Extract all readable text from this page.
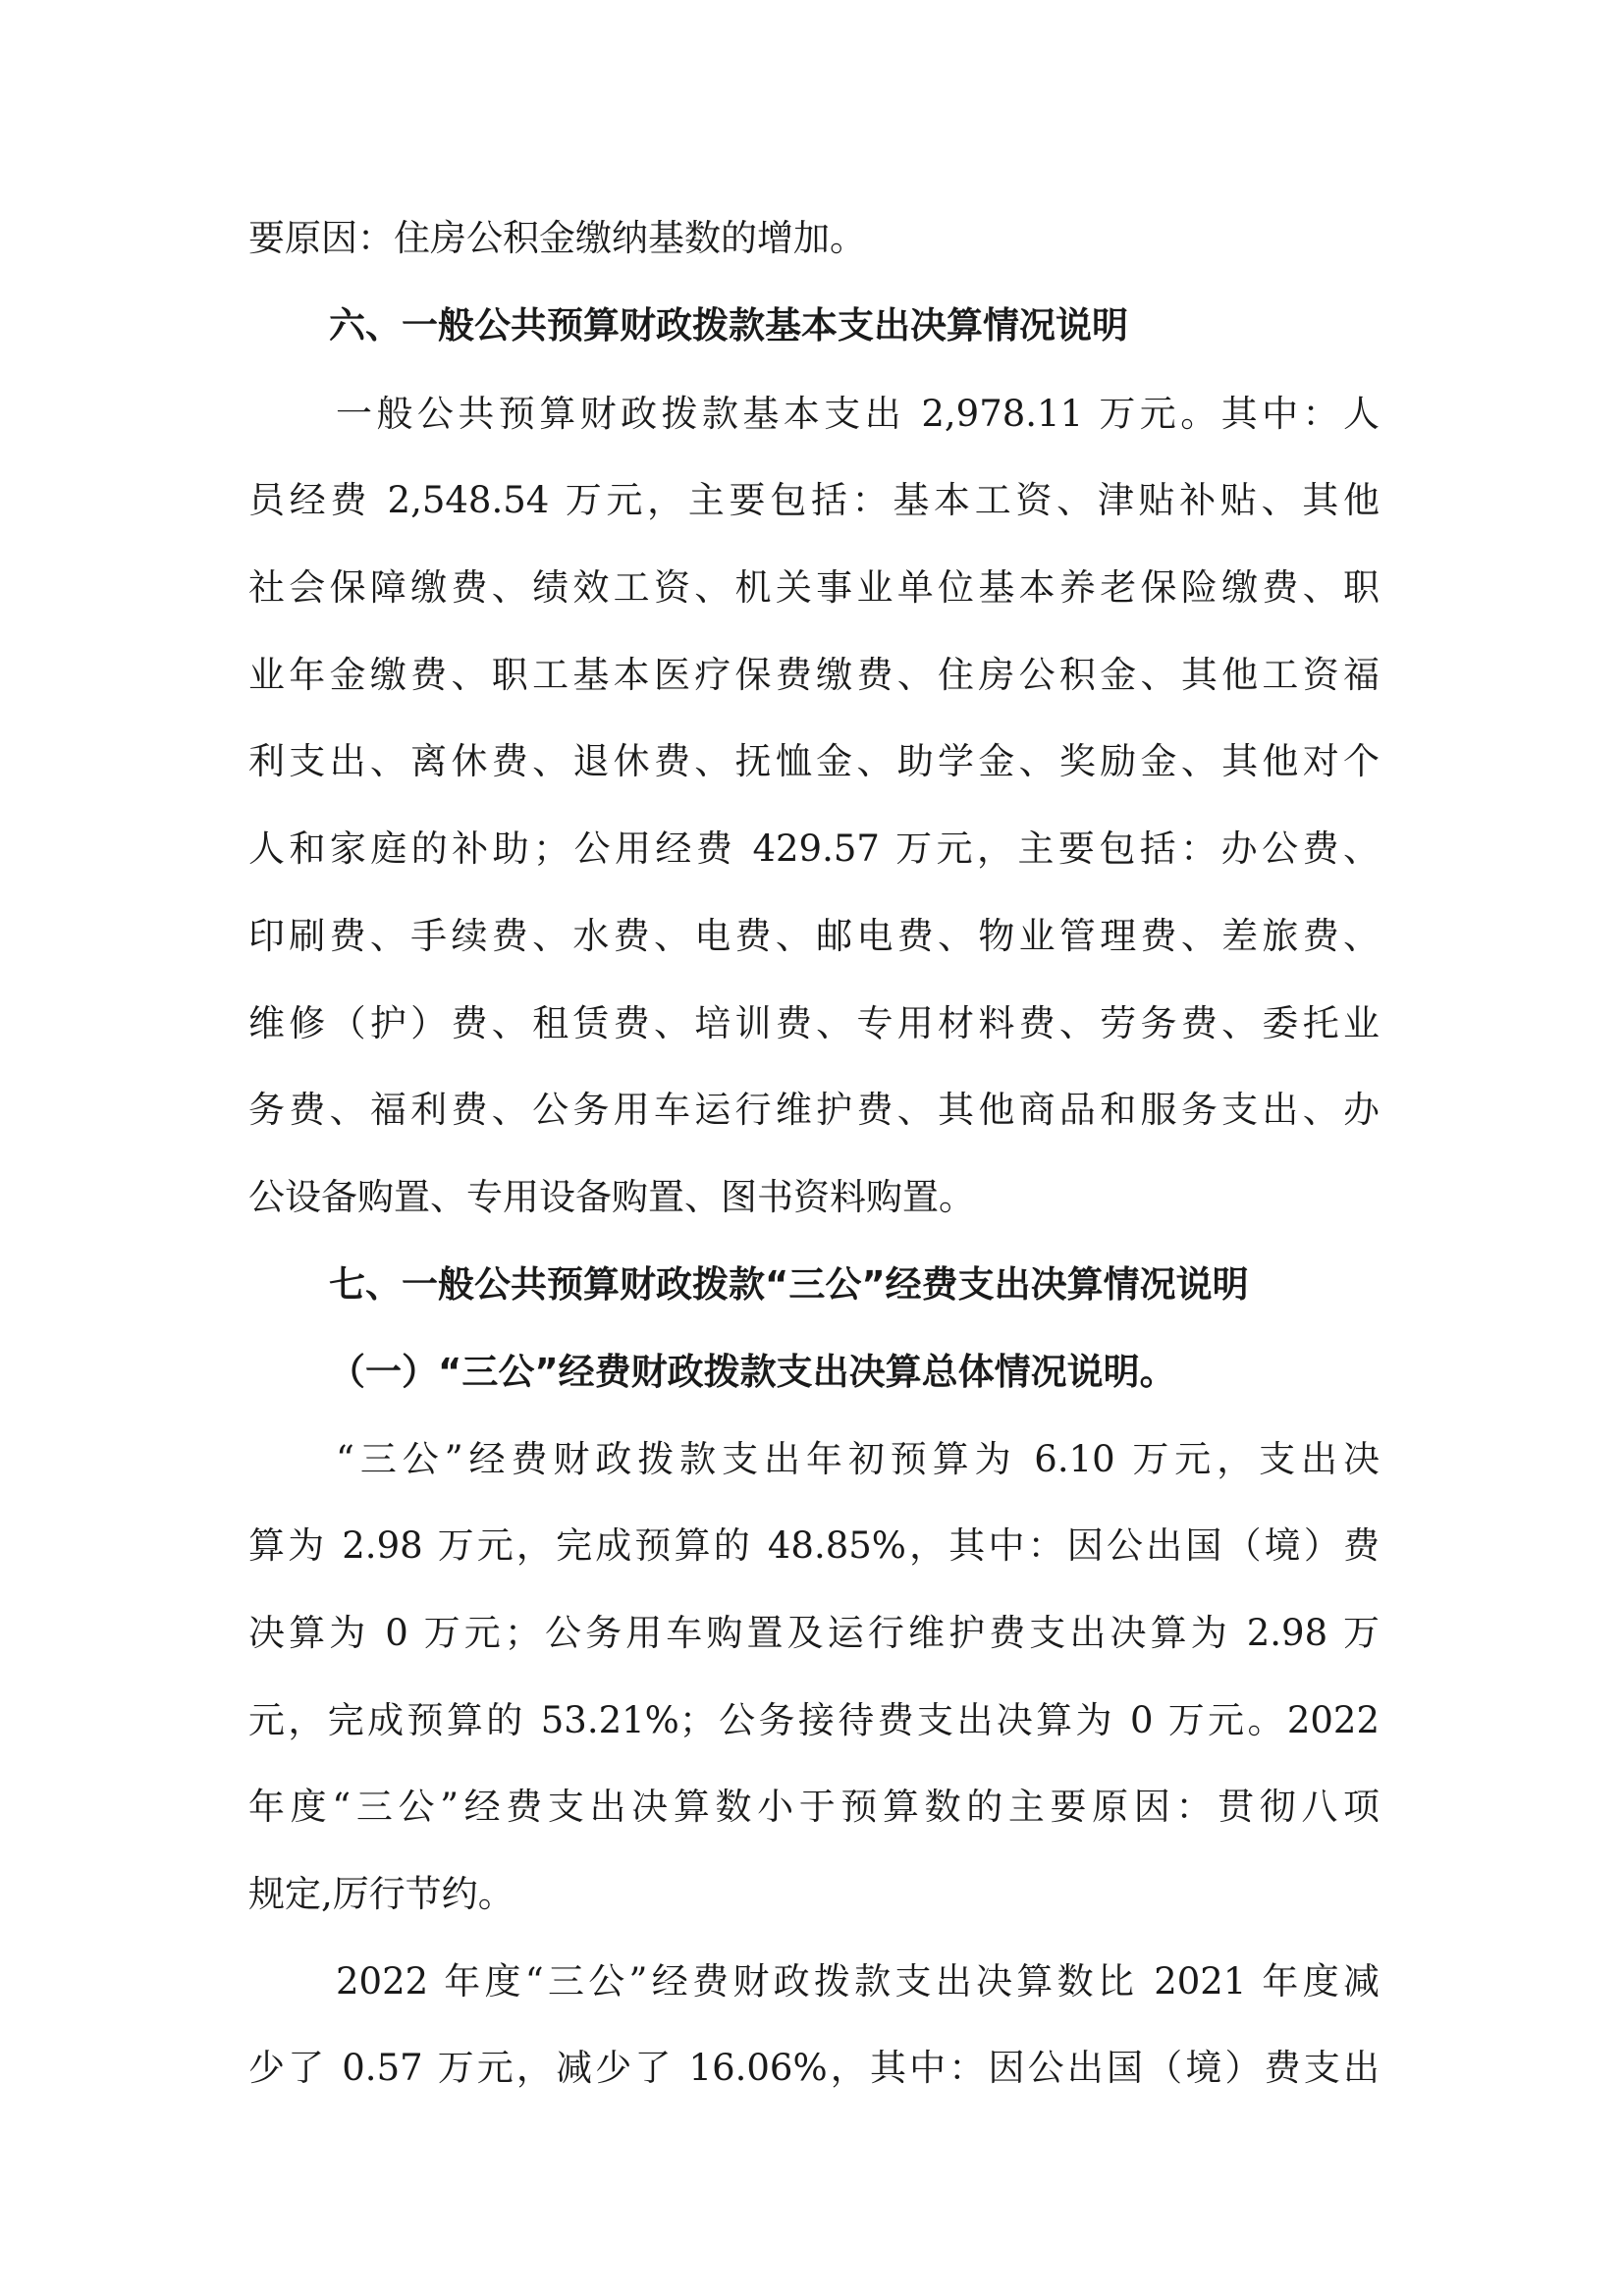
要原因：住房公积金缴纳基数的增加。
六、一般公共预算财政拨款基本支出决算情况说明
一般公共预算财政拨款基本支出 2,978.11 万元。其中：人
员经费 2,548.54 万元，主要包括：基本工资、津贴补贴、其他
社会保障缴费、绩效工资、机关事业单位基本养老保险缴费、职
业年金缴费、职工基本医疗保费缴费、住房公积金、其他工资福
利支出、离休费、退休费、抚恤金、助学金、奖励金、其他对个
人和家庭的补助；公用经费 429.57 万元，主要包括：办公费、
印刷费、手续费、水费、电费、邮电费、物业管理费、差旅费、
维修（护）费、租赁费、培训费、专用材料费、劳务费、委托业
务费、福利费、公务用车运行维护费、其他商品和服务支出、办
公设备购置、专用设备购置、图书资料购置。
七、一般公共预算财政拨款“三公”经费支出决算情况说明
（一）“三公”经费财政拨款支出决算总体情况说明。
“三公”经费财政拨款支出年初预算为 6.10 万元，支出决
算为 2.98 万元，完成预算的 48.85%，其中：因公出国（境）费
决算为 0 万元；公务用车购置及运行维护费支出决算为 2.98 万
元，完成预算的 53.21%；公务接待费支出决算为 0 万元。2022
年度“三公”经费支出决算数小于预算数的主要原因：贯彻八项
规定,厉行节约。
2022 年度“三公”经费财政拨款支出决算数比 2021 年度减
少了 0.57 万元，减少了 16.06%，其中：因公出国（境）费支出
